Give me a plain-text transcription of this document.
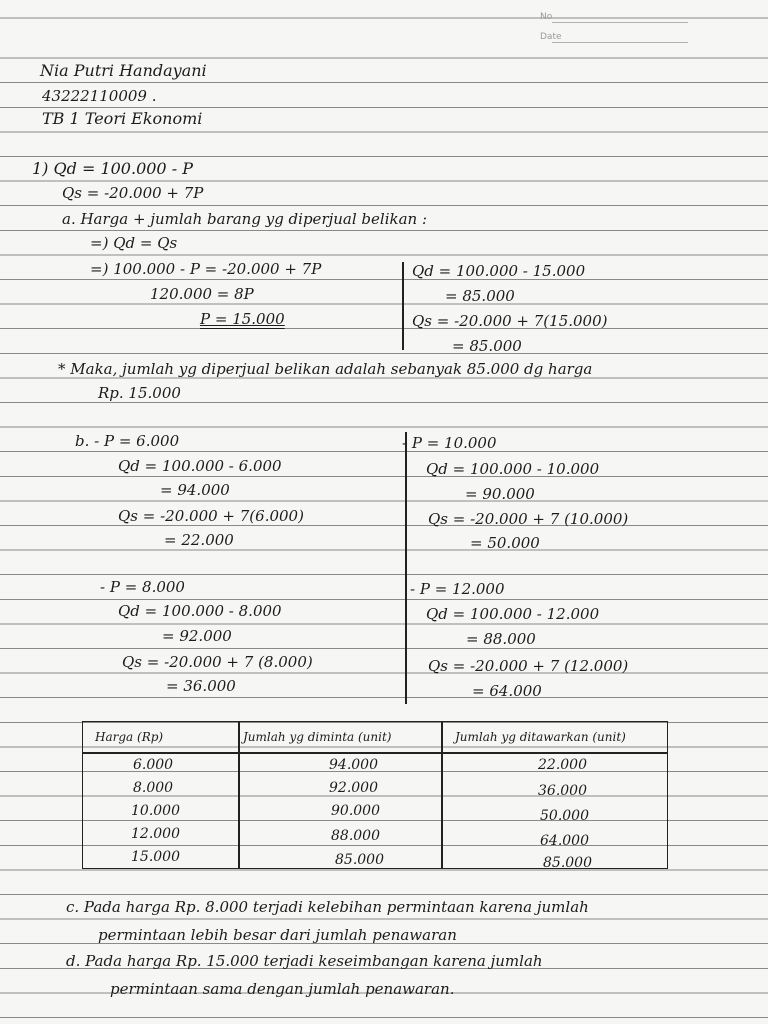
No
Date
Nia Putri Handayani
43222110009 .
TB 1 Teori Ekonomi
1) Qd = 100.000 - P
Qs = -20.000 + 7P
a. Harga + jumlah barang yg diperjual belikan :
=) Qd = Qs
=) 100.000 - P = -20.000 + 7P
120.000 = 8P
P = 15.000
Qd = 100.000 - 15.000
= 85.000
Qs = -20.000 + 7(15.000)
= 85.000
* Maka, jumlah yg diperjual belikan adalah sebanyak 85.000 dg harga
Rp. 15.000
b. - P = 6.000
Qd = 100.000 - 6.000
= 94.000
Qs = -20.000 + 7(6.000)
= 22.000
- P = 10.000
Qd = 100.000 - 10.000
= 90.000
Qs = -20.000 + 7 (10.000)
= 50.000
- P = 8.000
Qd = 100.000 - 8.000
= 92.000
Qs = -20.000 + 7 (8.000)
= 36.000
- P = 12.000
Qd = 100.000 - 12.000
= 88.000
Qs = -20.000 + 7 (12.000)
= 64.000
Harga (Rp)	Jumlah yg diminta (unit)	Jumlah yg ditawarkan (unit)
6.000	94.000	22.000
8.000	92.000	36.000
10.000	90.000	50.000
12.000	88.000	64.000
15.000	85.000	85.000
c. Pada harga Rp. 8.000 terjadi kelebihan permintaan karena jumlah
permintaan lebih besar dari jumlah penawaran
d. Pada harga Rp. 15.000 terjadi keseimbangan karena jumlah
permintaan sama dengan jumlah penawaran.
